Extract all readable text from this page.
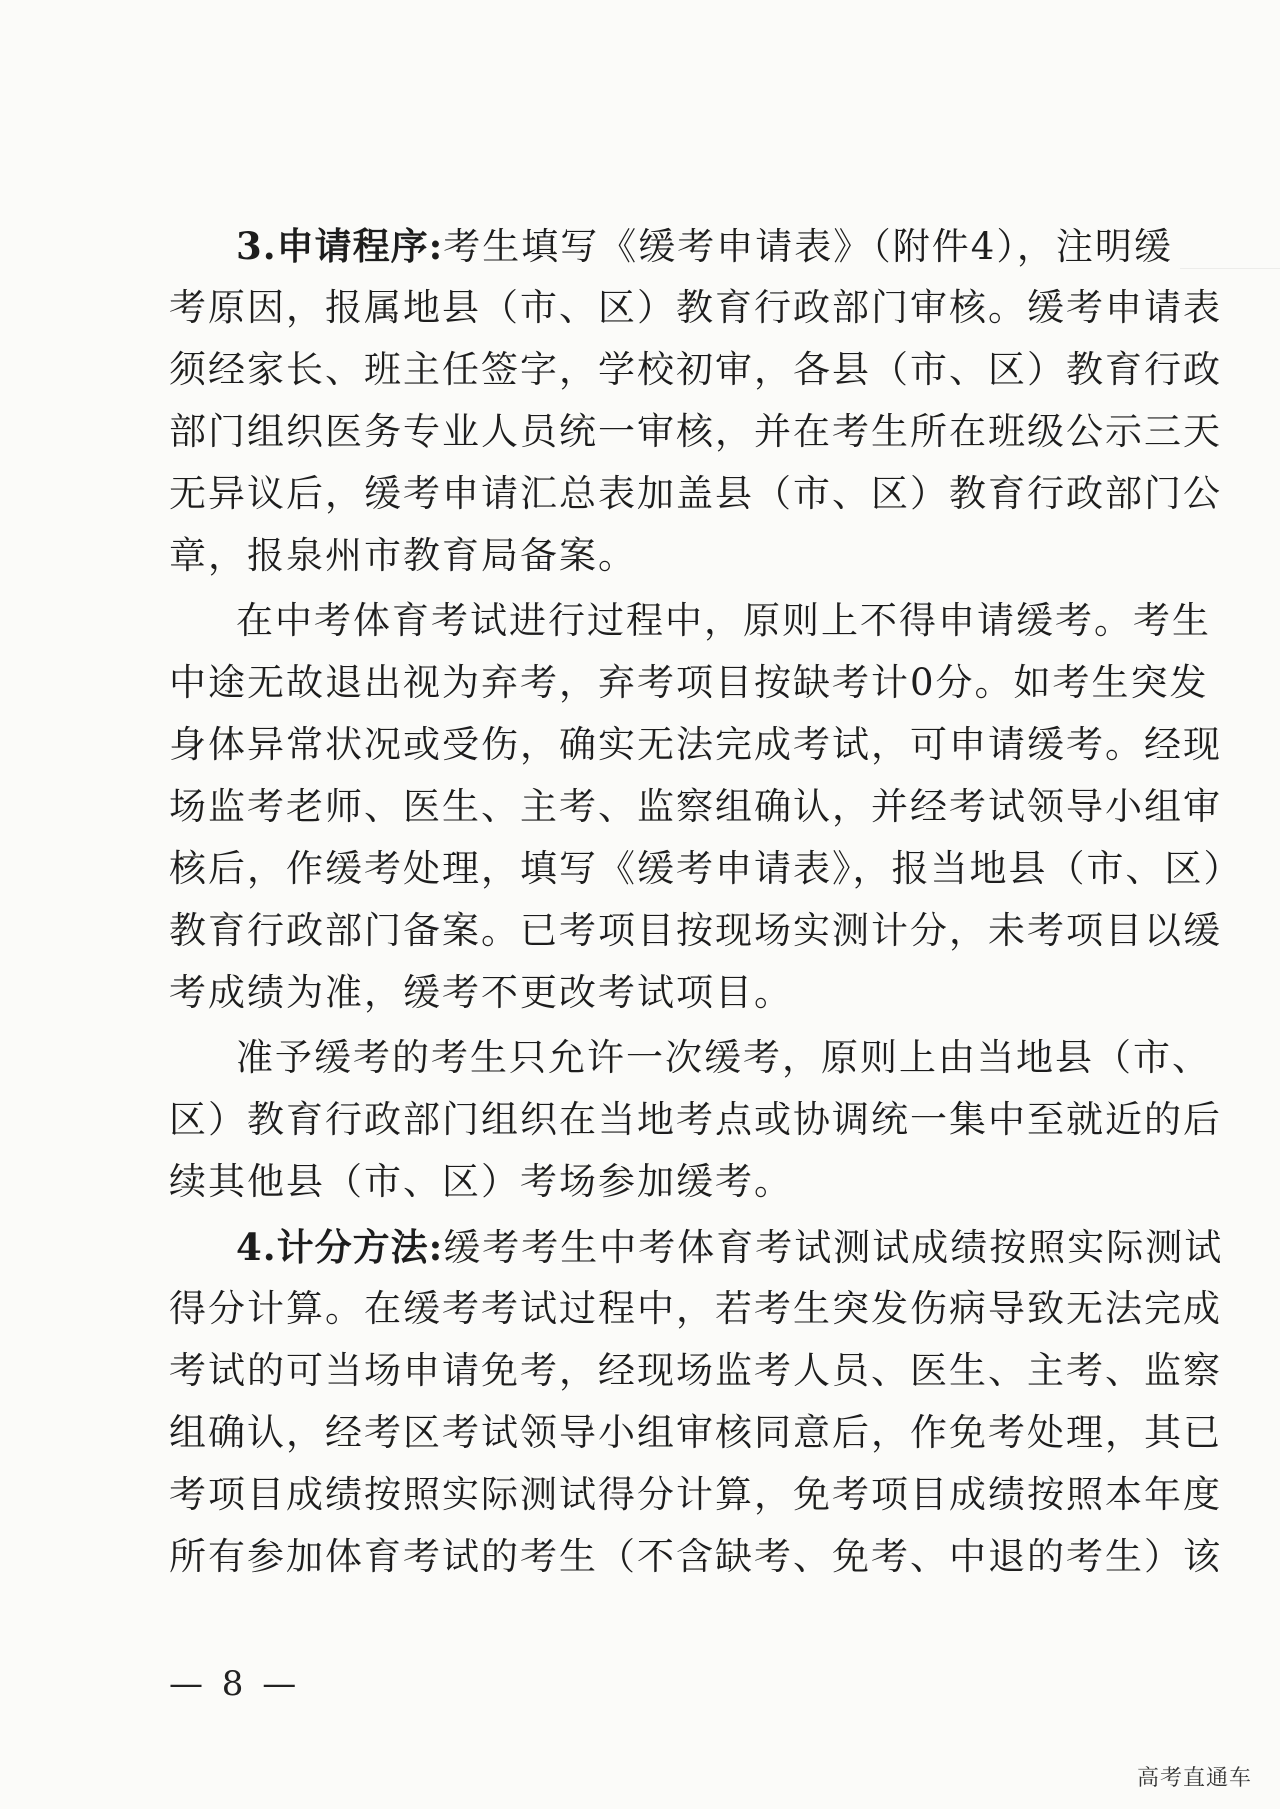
3.申请程序:考生填写《缓考申请表》（附件4），注明缓
考原因，报属地县（市、区）教育行政部门审核。缓考申请表
须经家长、班主任签字，学校初审，各县（市、区）教育行政
部门组织医务专业人员统一审核，并在考生所在班级公示三天
无异议后，缓考申请汇总表加盖县（市、区）教育行政部门公
章，报泉州市教育局备案。
在中考体育考试进行过程中，原则上不得申请缓考。考生
中途无故退出视为弃考，弃考项目按缺考计0分。如考生突发
身体异常状况或受伤，确实无法完成考试，可申请缓考。经现
场监考老师、医生、主考、监察组确认，并经考试领导小组审
核后，作缓考处理，填写《缓考申请表》，报当地县（市、区）
教育行政部门备案。已考项目按现场实测计分，未考项目以缓
考成绩为准，缓考不更改考试项目。
准予缓考的考生只允许一次缓考，原则上由当地县（市、
区）教育行政部门组织在当地考点或协调统一集中至就近的后
续其他县（市、区）考场参加缓考。
4.计分方法:缓考考生中考体育考试测试成绩按照实际测试
得分计算。在缓考考试过程中，若考生突发伤病导致无法完成
考试的可当场申请免考，经现场监考人员、医生、主考、监察
组确认，经考区考试领导小组审核同意后，作免考处理，其已
考项目成绩按照实际测试得分计算，免考项目成绩按照本年度
所有参加体育考试的考生（不含缺考、免考、中退的考生）该
— 8 —
高考直通车
